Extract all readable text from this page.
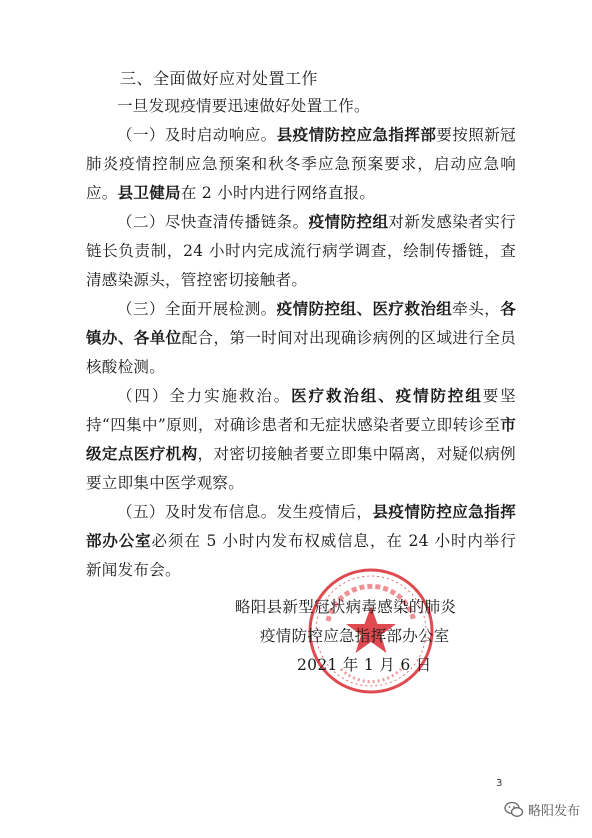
三、全面做好应对处置工作

一旦发现疫情要迅速做好处置工作。

（一）及时启动响应。县疫情防控应急指挥部要按照新冠肺炎疫情控制应急预案和秋冬季应急预案要求，启动应急响应。县卫健局在 2 小时内进行网络直报。

（二）尽快查清传播链条。疫情防控组对新发感染者实行链长负责制，24 小时内完成流行病学调查，绘制传播链，查清感染源头，管控密切接触者。

（三）全面开展检测。疫情防控组、医疗救治组牵头，各镇办、各单位配合，第一时间对出现确诊病例的区域进行全员核酸检测。

（四）全力实施救治。医疗救治组、疫情防控组要坚持“四集中”原则，对确诊患者和无症状感染者要立即转诊至市级定点医疗机构，对密切接触者要立即集中隔离，对疑似病例要立即集中医学观察。

（五）及时发布信息。发生疫情后，县疫情防控应急指挥部办公室必须在 5 小时内发布权威信息，在 24 小时内举行新闻发布会。

略阳县新型冠状病毒感染的肺炎
疫情防控应急指挥部办公室
2021 年 1 月 6 日
3
略阳发布
